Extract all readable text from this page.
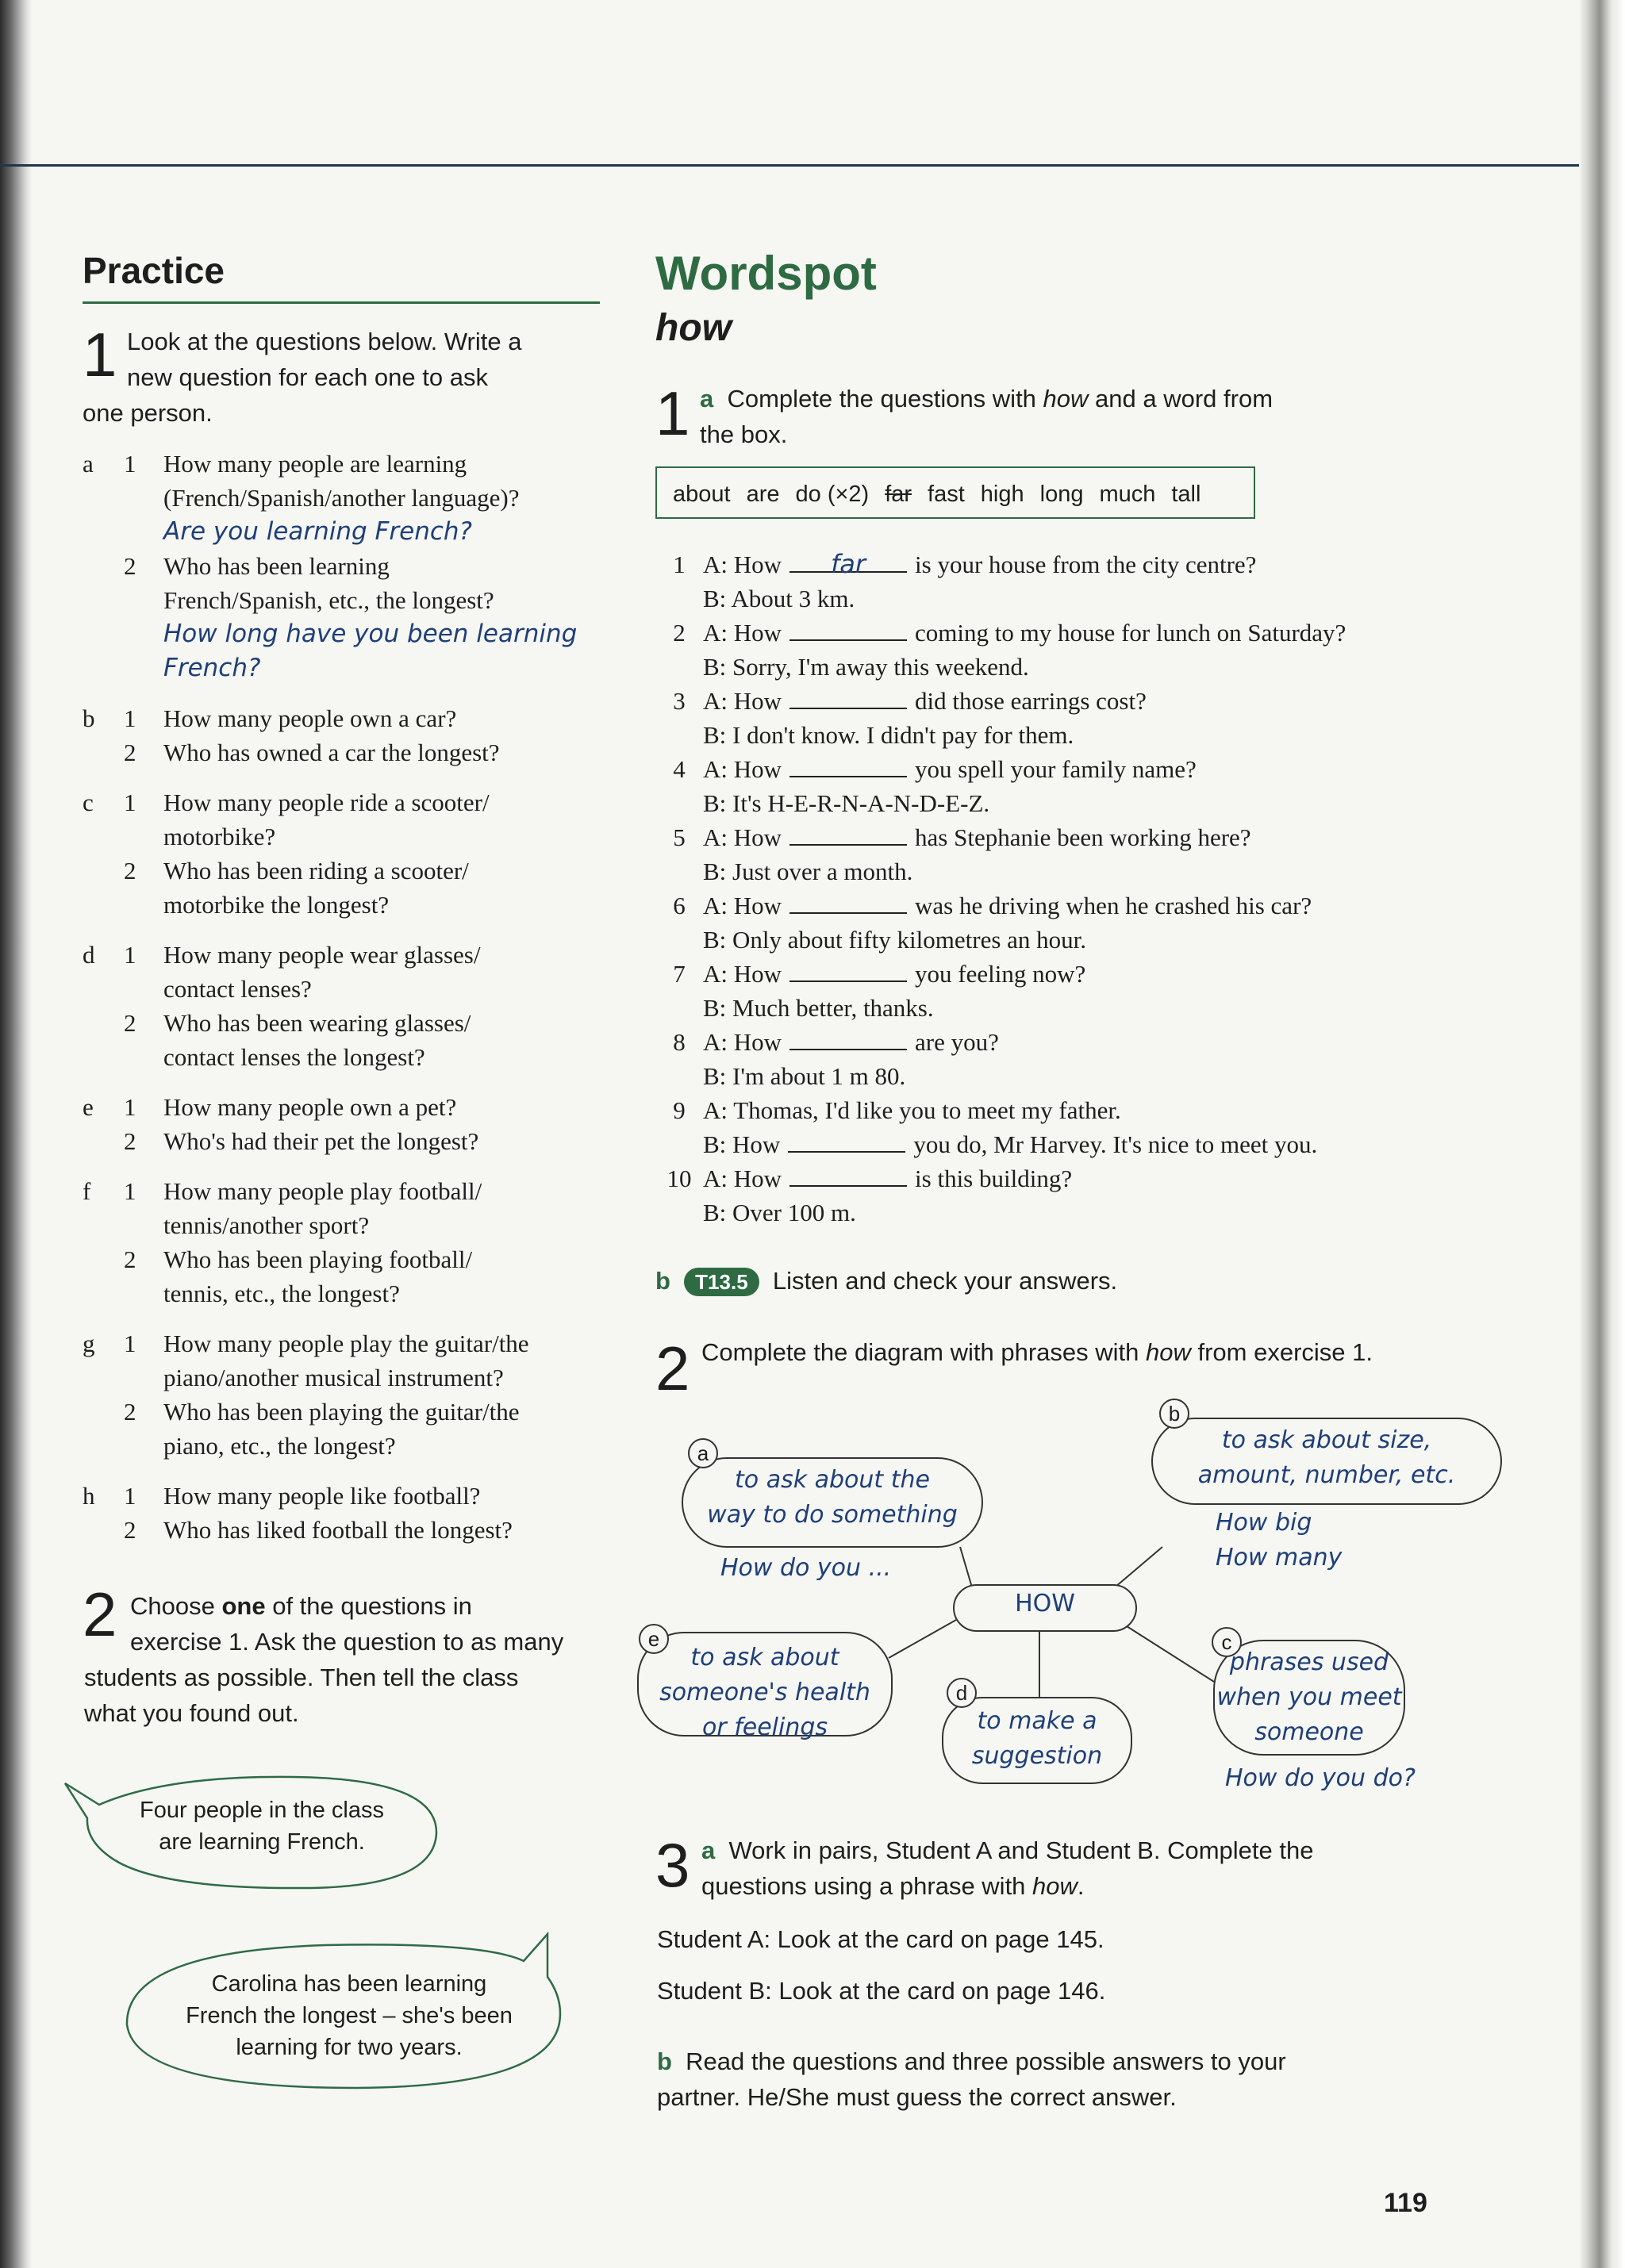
Practice
1 Look at the questions below. Write a
new question for each one to ask
one person.
a 1 How many people are learning
(French/Spanish/another language)?
Are you learning French?
2 Who has been learning
French/Spanish, etc., the longest?
How long have you been learning
French?
b 1 How many people own a car?
2 Who has owned a car the longest?
c 1 How many people ride a scooter/
motorbike?
2 Who has been riding a scooter/
motorbike the longest?
d 1 How many people wear glasses/
contact lenses?
2 Who has been wearing glasses/
contact lenses the longest?
e 1 How many people own a pet?
2 Who's had their pet the longest?
f 1 How many people play football/
tennis/another sport?
2 Who has been playing football/
tennis, etc., the longest?
g 1 How many people play the guitar/the
piano/another musical instrument?
2 Who has been playing the guitar/the
piano, etc., the longest?
h 1 How many people like football?
2 Who has liked football the longest?
2 Choose one of the questions in
exercise 1. Ask the question to as many
students as possible. Then tell the class
what you found out.
Four people in the class
are learning French.
Carolina has been learning
French the longest – she's been
learning for two years.
Wordspot
how
1 a Complete the questions with how and a word from
the box.
about are do (×2) far fast high long much tall
1 A: How far is your house from the city centre?
B: About 3 km.
2 A: How	coming to my house for lunch on Saturday?
B: Sorry, I'm away this weekend.
3 A: How	did those earrings cost?
B: I don't know. I didn't pay for them.
4 A: How	you spell your family name?
B: It's H-E-R-N-A-N-D-E-Z.
5 A: How	has Stephanie been working here?
B: Just over a month.
6 A: How	was he driving when he crashed his car?
B: Only about fifty kilometres an hour.
7 A: How	you feeling now?
B: Much better, thanks.
8 A: How	are you?
B: I'm about 1 m 80.
9 A: Thomas, I'd like you to meet my father.
B: How	you do, Mr Harvey. It's nice to meet you.
10 A: How	is this building?
B: Over 100 m.
b T13.5 Listen and check your answers.
2 Complete the diagram with phrases with how from exercise 1.
HOW
a
to ask about the
way to do something
How do you ...
b
to ask about size,
amount, number, etc.
How big
How many
c
phrases used
when you meet
someone
How do you do?
d
to make a
suggestion
e
to ask about
someone's health
or feelings
3 a Work in pairs, Student A and Student B. Complete the
questions using a phrase with how.
Student A: Look at the card on page 145.
Student B: Look at the card on page 146.
b Read the questions and three possible answers to your
partner. He/She must guess the correct answer.
119
